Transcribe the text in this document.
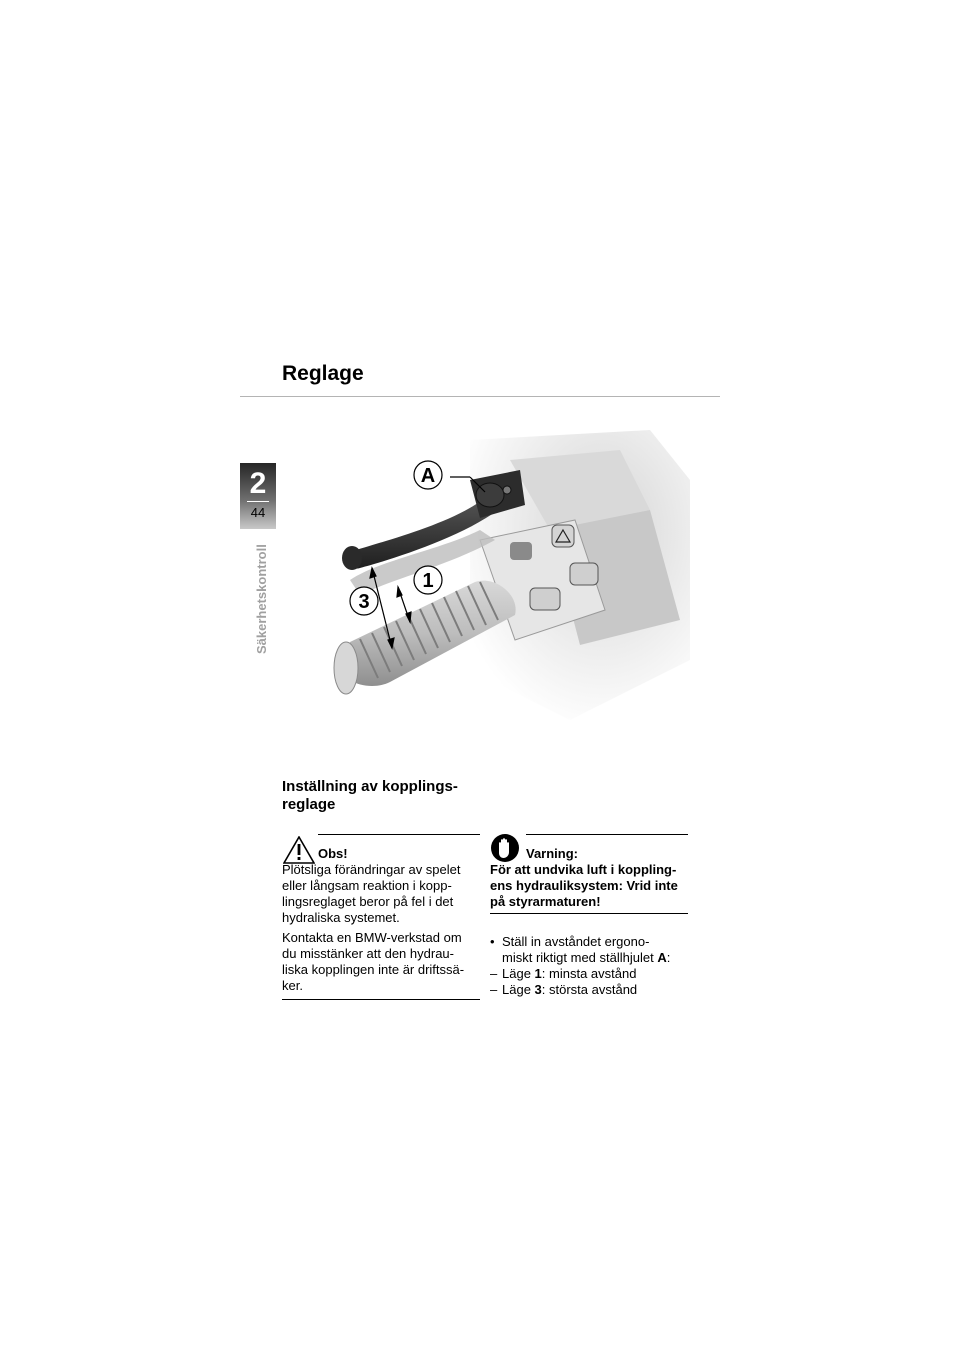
Reglage
2
44
Säkerhetskontroll
A
1
3
Inställning av kopplings-
reglage
Obs!
Plötsliga förändringar av spelet
eller långsam reaktion i kopp-
lingsreglaget beror på fel i det
hydraliska systemet.
Kontakta en BMW-verkstad om
du misstänker att den hydrau-
liska kopplingen inte är driftssä-
ker.
Varning:
För att undvika luft i koppling-
ens hydrauliksystem: Vrid inte
på styrarmaturen!
• Ställ in avståndet ergono-
miskt riktigt med ställhjulet A:
– Läge 1: minsta avstånd
– Läge 3: största avstånd
